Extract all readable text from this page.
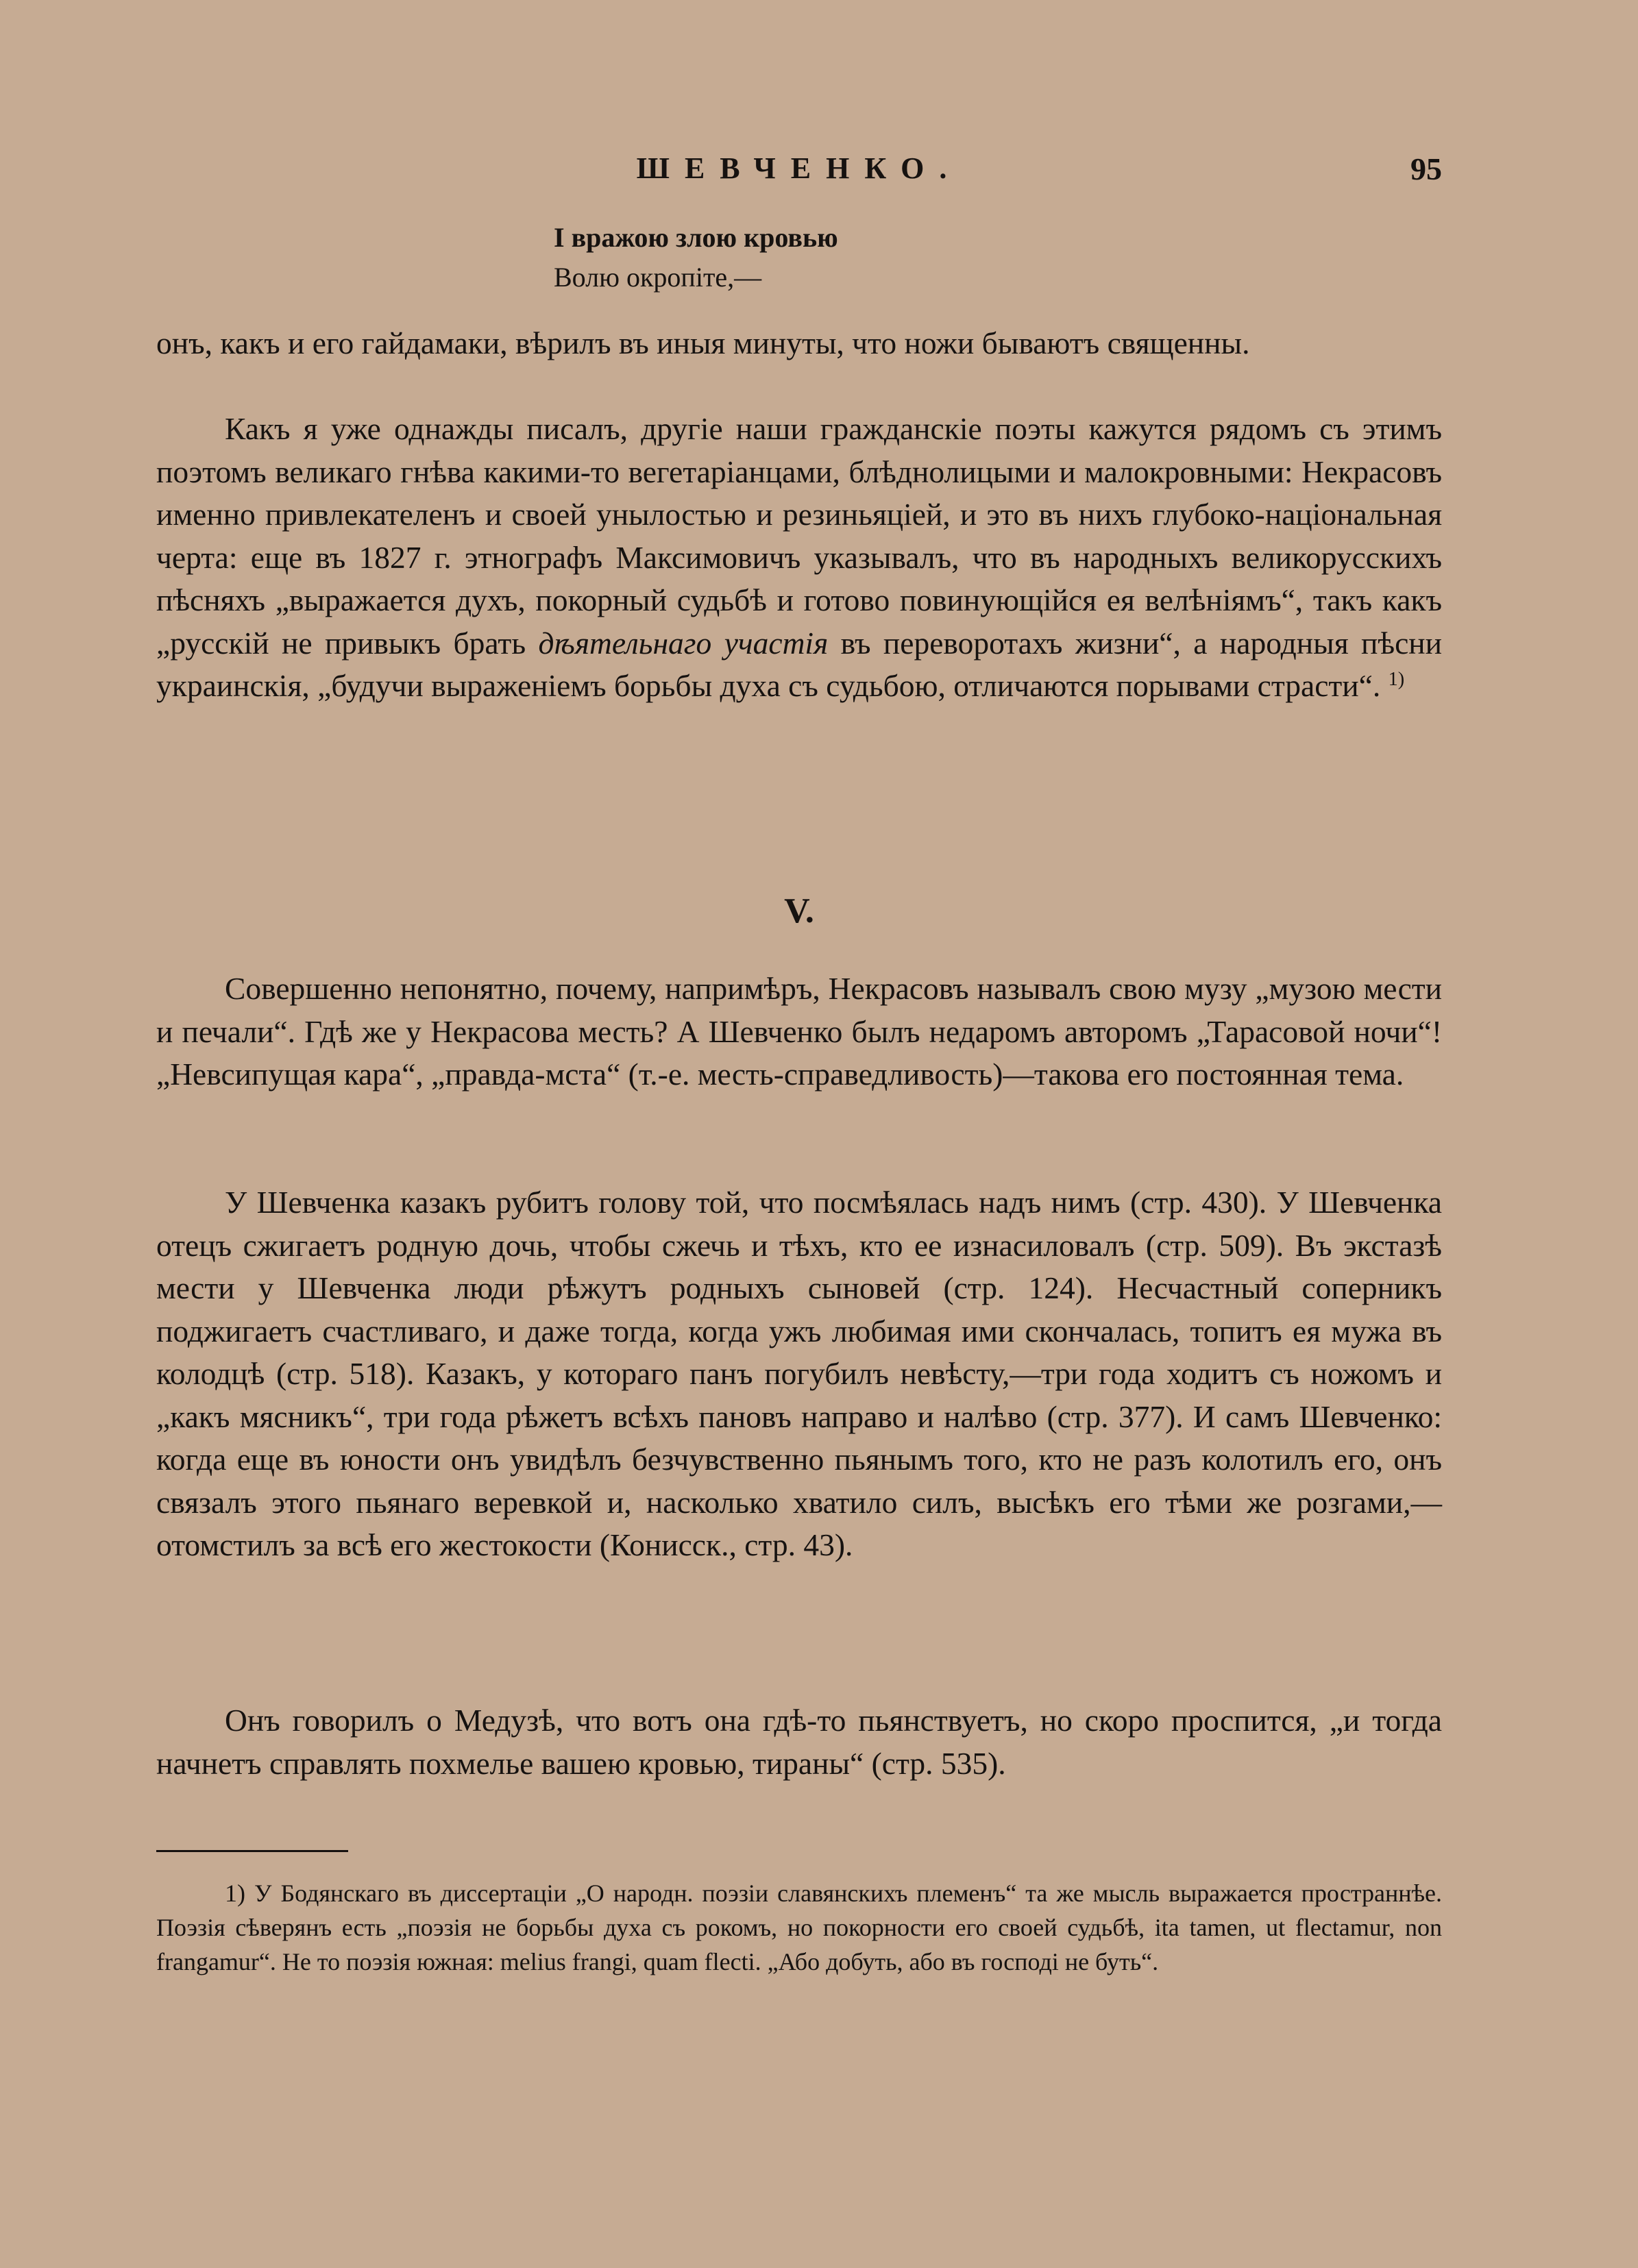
ШЕВЧЕНКО.	95
І вражою злою кровью
Волю окропіте,—

онъ, какъ и его гайдамаки, вѣрилъ въ иныя минуты, что ножи бываютъ священны.

Какъ я уже однажды писалъ, другіе наши гражданскіе поэты кажутся рядомъ съ этимъ поэтомъ великаго гнѣва какими-то вегетаріанцами, блѣднолицыми и малокровными: Некрасовъ именно привлекателенъ и своей унылостью и резиньяціей, и это въ нихъ глубоко-національная черта: еще въ 1827 г. этнографъ Максимовичъ указывалъ, что въ народныхъ великорусскихъ пѣсняхъ „выражается духъ, покорный судьбѣ и готово повинующійся ея велѣніямъ“, такъ какъ „русскій не привыкъ брать дѣятельнаго участія въ переворотахъ жизни“, а народныя пѣсни украинскія, „будучи выраженіемъ борьбы духа съ судьбою, отличаются порывами страсти“. $^{1)}$

V.

Совершенно непонятно, почему, напримѣръ, Некрасовъ называлъ свою музу „музою мести и печали“. Гдѣ же у Некрасова месть? А Шевченко былъ недаромъ авторомъ „Тарасовой ночи“! „Невсипущая кара“, „правда-мста“ (т.-е. месть-справедливость)—такова его постоянная тема.

У Шевченка казакъ рубитъ голову той, что посмѣялась надъ нимъ (стр. 430). У Шевченка отецъ сжигаетъ родную дочь, чтобы сжечь и тѣхъ, кто ее изнасиловалъ (стр. 509). Въ экстазѣ мести у Шевченка люди рѣжутъ родныхъ сыновей (стр. 124). Несчастный соперникъ поджигаетъ счастливаго, и даже тогда, когда ужъ любимая ими скончалась, топитъ ея мужа въ колодцѣ (стр. 518). Казакъ, у котораго панъ погубилъ невѣсту,—три года ходитъ съ ножомъ и „какъ мясникъ“, три года рѣжетъ всѣхъ пановъ направо и налѣво (стр. 377). И самъ Шевченко: когда еще въ юности онъ увидѣлъ безчувственно пьянымъ того, кто не разъ колотилъ его, онъ связалъ этого пьянаго веревкой и, насколько хватило силъ, высѣкъ его тѣми же розгами,—отомстилъ за всѣ его жестокости (Конисск., стр. 43).

Онъ говорилъ о Медузѣ, что вотъ она гдѣ-то пьянствуетъ, но скоро проспится, „и тогда начнетъ справлять похмелье вашею кровью, тираны“ (стр. 535).

1) У Бодянскаго въ диссертаціи „О народн. поэзіи славянскихъ племенъ“ та же мысль выражается пространнѣе. Поэзія сѣверянъ есть „поэзія не борьбы духа съ рокомъ, но покорности его своей судьбѣ, ita tamen, ut flectamur, non frangamur“. Не то поэзія южная: melius frangi, quam flecti. „Або добуть, або въ господі не буть“.
